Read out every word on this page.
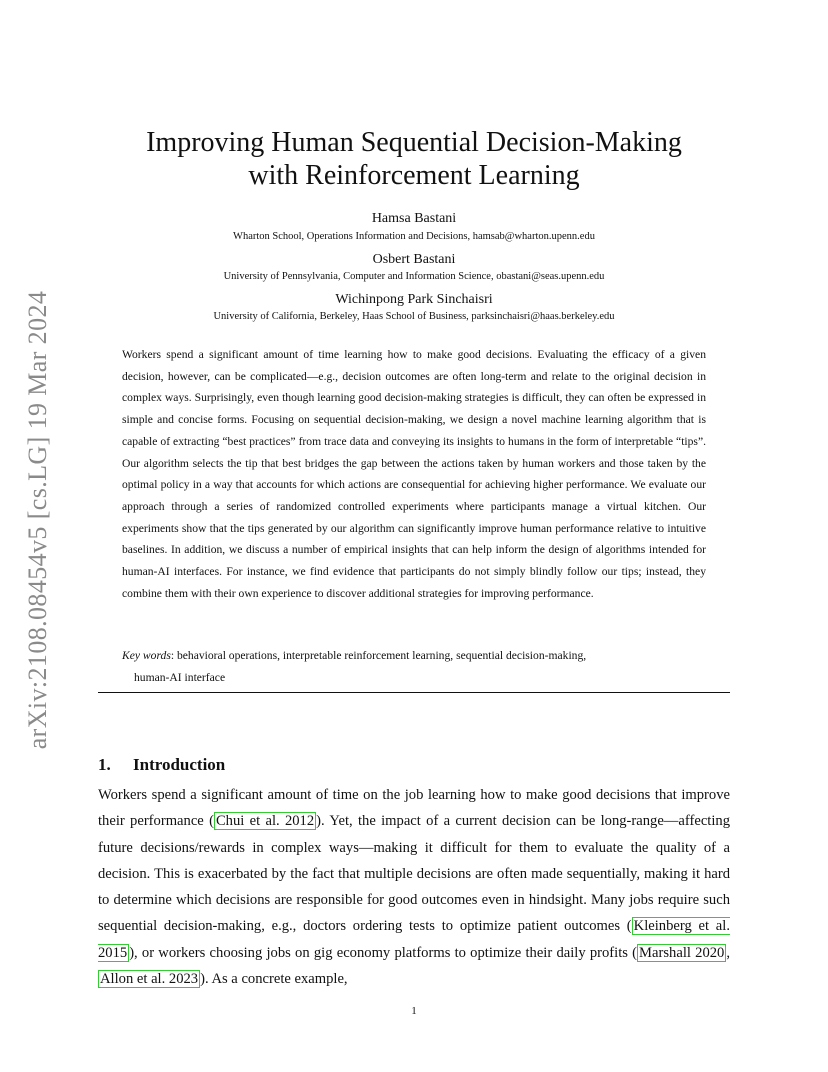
arXiv:2108.08454v5 [cs.LG] 19 Mar 2024
Improving Human Sequential Decision-Making
with Reinforcement Learning
Hamsa Bastani
Wharton School, Operations Information and Decisions, hamsab@wharton.upenn.edu
Osbert Bastani
University of Pennsylvania, Computer and Information Science, obastani@seas.upenn.edu
Wichinpong Park Sinchaisri
University of California, Berkeley, Haas School of Business, parksinchaisri@haas.berkeley.edu

Workers spend a significant amount of time learning how to make good decisions. Evaluating the efficacy of a given decision, however, can be complicated—e.g., decision outcomes are often long-term and relate to the original decision in complex ways. Surprisingly, even though learning good decision-making strategies is difficult, they can often be expressed in simple and concise forms. Focusing on sequential decision-making, we design a novel machine learning algorithm that is capable of extracting “best practices” from trace data and conveying its insights to humans in the form of interpretable “tips”. Our algorithm selects the tip that best bridges the gap between the actions taken by human workers and those taken by the optimal policy in a way that accounts for which actions are consequential for achieving higher performance. We evaluate our approach through a series of randomized controlled experiments where participants manage a virtual kitchen. Our experiments show that the tips generated by our algorithm can significantly improve human performance relative to intuitive baselines. In addition, we discuss a number of empirical insights that can help inform the design of algorithms intended for human-AI interfaces. For instance, we find evidence that participants do not simply blindly follow our tips; instead, they combine them with their own experience to discover additional strategies for improving performance.

Key words: behavioral operations, interpretable reinforcement learning, sequential decision-making,
human-AI interface
1. Introduction

Workers spend a significant amount of time on the job learning how to make good decisions that improve their performance ( Chui et al. 2012 ). Yet, the impact of a current decision can be long-range—affecting future decisions/rewards in complex ways—making it difficult for them to evaluate the quality of a decision. This is exacerbated by the fact that multiple decisions are often made sequentially, making it hard to determine which decisions are responsible for good outcomes even in hindsight. Many jobs require such sequential decision-making, e.g., doctors ordering tests to optimize patient outcomes ( Kleinberg et al. 2015 ), or workers choosing jobs on gig economy platforms to optimize their daily profits ( Marshall 2020 , Allon et al. 2023 ). As a concrete example,

1
